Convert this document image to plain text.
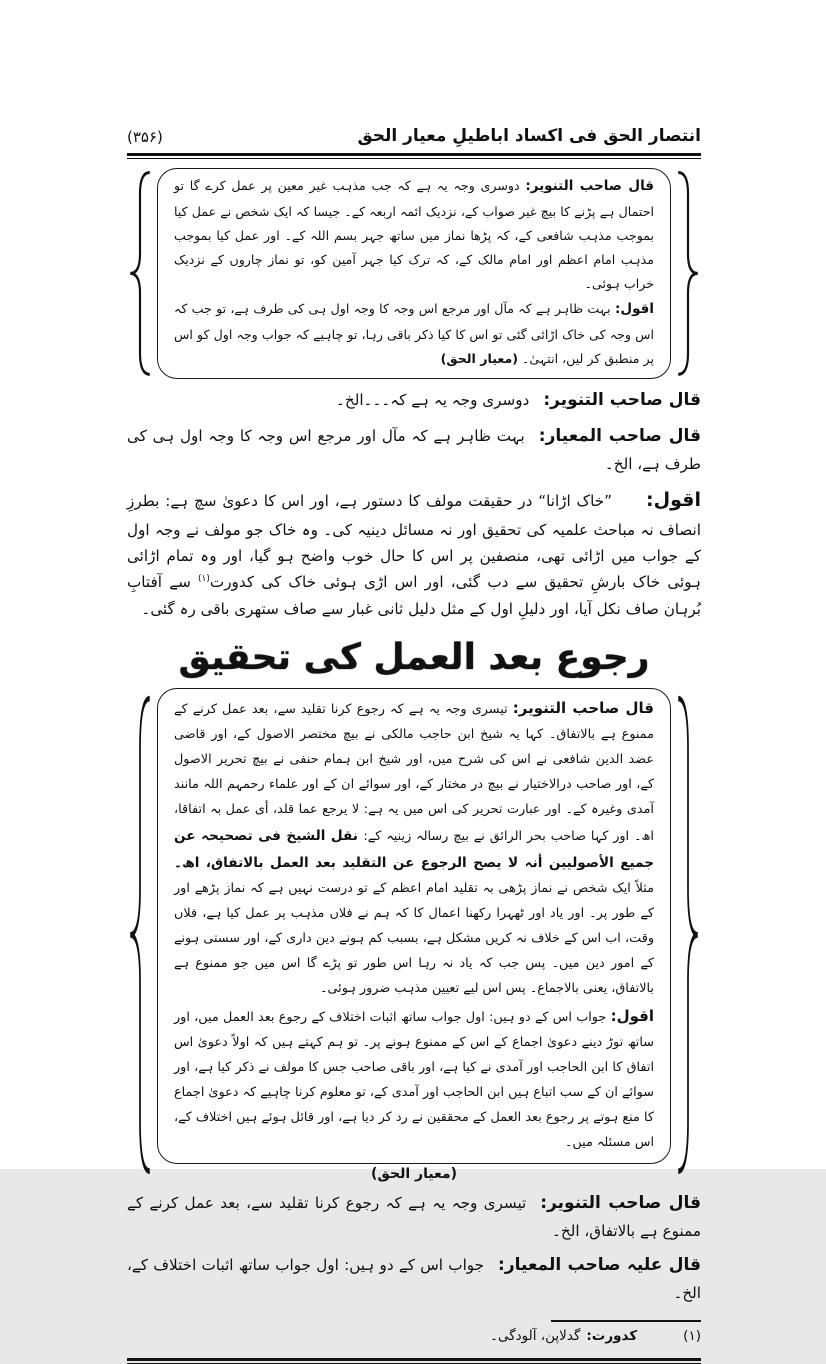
انتصار الحق فی اکساد اباطیلِ معیار الحق
(۳۵۶)

قال صاحب التنویر: دوسری وجہ یہ ہے کہ جب مذہب غیر معین پر عمل کرے گا تو احتمال ہے پڑنے کا بیچ غیر صواب کے، نزدیک ائمہ اربعہ کے۔ جیسا کہ ایک شخص نے عمل کیا بموجب مذہب شافعی کے، کہ پڑھا نماز میں ساتھ جہر بسم اللہ کے۔ اور عمل کیا بموجب مذہب امام اعظم اور امام مالک کے، کہ ترک کیا جہر آمین کو، تو نماز چاروں کے نزدیک خراب ہوئی۔

اقول: بہت ظاہر ہے کہ مآل اور مرجع اس وجہ کا وجہ اول ہی کی طرف ہے، تو جب کہ اس وجہ کی خاک اڑائی گئی تو اس کا کیا ذکر باقی رہا، تو چاہیے کہ جواب وجہ اول کو اس پر منطبق کر لیں، انتہیٰ۔ (معیار الحق)

قال صاحب التنویر:دوسری وجہ یہ ہے کہ۔۔۔الخ۔

قال صاحب المعیار:بہت ظاہر ہے کہ مآل اور مرجع اس وجہ کا وجہ اول ہی کی طرف ہے، الخ۔

اقول:”خاک اڑانا“ در حقیقت مولف کا دستور ہے، اور اس کا دعویٰ سچ ہے: بطرزِ انصاف نہ مباحث علمیہ کی تحقیق اور نہ مسائل دینیہ کی۔ وہ خاک جو مولف نے وجہ اول کے جواب میں اڑائی تھی، منصفین پر اس کا حال خوب واضح ہو گیا، اور وہ تمام اڑائی ہوئی خاک بارشِ تحقیق سے دب گئی، اور اس اڑی ہوئی خاک کی کدورت$^{(۱)}$ سے آفتابِ بُرہان صاف نکل آیا، اور دلیلِ اول کے مثل دلیل ثانی غبار سے صاف ستھری باقی رہ گئی۔

رجوع بعد العمل کی تحقیق

قال صاحب التنویر: تیسری وجہ یہ ہے کہ رجوع کرنا تقلید سے، بعد عمل کرنے کے ممنوع ہے بالاتفاق۔ کہا یہ شیخ ابن حاجب مالکی نے بیچ مختصر الاصول کے، اور قاضی عضد الدین شافعی نے اس کی شرح میں، اور شیخ ابن ہمام حنفی نے بیچ تحریر الاصول کے، اور صاحب درالاختیار نے بیچ در مختار کے، اور سوائے ان کے اور علماء رحمہم اللہ مانند آمدی وغیرہ کے۔ اور عبارت تحریر کی اس میں یہ ہے: لا یرجع عما قلد، أی عمل بہ اتفاقا، اھ۔ اور کہا صاحب بحر الرائق نے بیچ رسالہ زینیہ کے: نقل الشیخ فی تصحیحہ عن جمیع الأصولیین أنہ لا یصح الرجوع عن التقلید بعد العمل بالاتفاق، اھ۔ مثلاً ایک شخص نے نماز پڑھی بہ تقلید امام اعظم کے تو درست نہیں ہے کہ نماز پڑھے اور کے طور پر۔ اور یاد اور ٹھہرا رکھنا اعمال کا کہ ہم نے فلاں مذہب پر عمل کیا ہے، فلاں وقت، اب اس کے خلاف نہ کریں مشکل ہے، بسبب کم ہونے دین داری کے، اور سستی ہونے کے امور دین میں۔ پس جب کہ یاد نہ رہا اس طور تو پڑے گا اس میں جو ممنوع ہے بالاتفاق، یعنی بالاجماع۔ پس اس لیے تعیین مذہب ضرور ہوئی۔

اقول: جواب اس کے دو ہیں: اول جواب ساتھ اثبات اختلاف کے رجوع بعد العمل میں، اور ساتھ توڑ دینے دعویٰ اجماع کے اس کے ممنوع ہونے پر۔ تو ہم کہتے ہیں کہ اولاً دعویٰ اس اتفاق کا ابن الحاجب اور آمدی نے کیا ہے، اور باقی صاحب جس کا مولف نے ذکر کیا ہے، اور سوائے ان کے سب اتباع ہیں ابن الحاجب اور آمدی کے، تو معلوم کرنا چاہیے کہ دعویٰ اجماع کا منع ہوتے پر رجوع بعد العمل کے محققین نے رد کر دیا ہے، اور قائل ہوئے ہیں اختلاف کے، اس مسئلہ میں۔

(معیار الحق)

قال صاحب التنویر:تیسری وجہ یہ ہے کہ رجوع کرنا تقلید سے، بعد عمل کرنے کے ممنوع ہے بالاتفاق، الخ۔

قال علیہ صاحب المعیار:جواب اس کے دو ہیں: اول جواب ساتھ اثبات اختلاف کے، الخ۔

(۱)
کدورت:
گدلاپن، آلودگی۔
